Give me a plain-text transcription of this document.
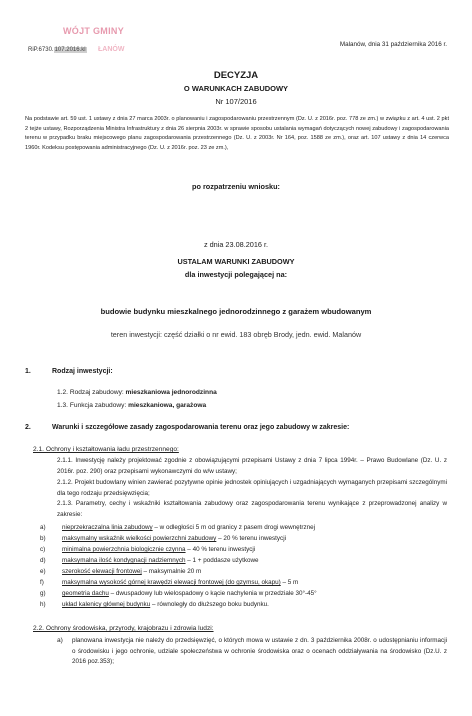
WÓJT GMINY
ŁANÓW
RiP.6730.107.2016.kl
Malanów, dnia 31 października 2016 r.
DECYZJA
O WARUNKACH ZABUDOWY
Nr 107/2016
Na podstawie art. 59 ust. 1 ustawy z dnia 27 marca 2003r. o planowaniu i zagospodarowaniu przestrzennym (Dz. U. z 2016r. poz. 778 ze zm.) w związku z art. 4 ust. 2 pkt 2 tejże ustawy, Rozporządzenia Ministra Infrastruktury z dnia 26 sierpnia 2003r. w sprawie sposobu ustalania wymagań dotyczących nowej zabudowy i zagospodarowania terenu w przypadku braku miejscowego planu zagospodarowania przestrzennego (Dz. U. z 2003r. Nr 164, poz. 1588 ze zm.), oraz art. 107 ustawy z dnia 14 czerwca 1960r. Kodeksu postępowania administracyjnego (Dz. U. z 2016r. poz. 23 ze zm.),
po rozpatrzeniu wniosku:
z dnia 23.08.2016 r.
USTALAM WARUNKI ZABUDOWY
dla inwestycji polegającej na:
budowie budynku mieszkalnego jednorodzinnego z garażem wbudowanym
teren inwestycji: część działki o nr ewid. 183 obręb Brody, jedn. ewid. Malanów
1.	Rodzaj inwestycji:
1.2. Rodzaj zabudowy: mieszkaniowa jednorodzinna
1.3. Funkcja zabudowy: mieszkaniowa, garażowa
2.	Warunki i szczegółowe zasady zagospodarowania terenu oraz jego zabudowy w zakresie:
2.1. Ochrony i kształtowania ładu przestrzennego:
2.1.1. Inwestycję należy projektować zgodnie z obowiązującymi przepisami Ustawy z dnia 7 lipca 1994r. – Prawo Budowlane (Dz. U. z 2016r. poz. 290) oraz przepisami wykonawczymi do w/w ustawy;
2.1.2. Projekt budowlany winien zawierać pozytywne opinie jednostek opiniujących i uzgadniających wymaganych przepisami szczególnymi dla tego rodzaju przedsięwzięcia;
2.1.3. Parametry, cechy i wskaźniki kształtowania zabudowy oraz zagospodarowania terenu wynikające z przeprowadzonej analizy w zakresie:
a)	nieprzekraczalna linia zabudowy – w odległości 5 m od granicy z pasem drogi wewnętrznej
b)	maksymalny wskaźnik wielkości powierzchni zabudowy – 20 % terenu inwestycji
c)	minimalna powierzchnia biologicznie czynna – 40 % terenu inwestycji
d)	maksymalna ilość kondygnacji nadziemnych – 1 + poddasze użytkowe
e)	szerokość elewacji frontowej – maksymalnie 20 m
f)	maksymalna wysokość górnej krawędzi elewacji frontowej (do gzymsu, okapu) – 5 m
g)	geometria dachu – dwuspadowy lub wielospadowy o kącie nachylenia w przedziale 30°-45°
h)	układ kalenicy głównej budynku – równoległy do dłuższego boku budynku.
2.2. Ochrony środowiska, przyrody, krajobrazu i zdrowia ludzi:
a) planowana inwestycja nie należy do przedsięwzięć, o których mowa w ustawie z dn. 3 października 2008r. o udostępnianiu informacji o środowisku i jego ochronie, udziale społeczeństwa w ochronie środowiska oraz o ocenach oddziaływania na środowisko (Dz.U. z 2016 poz.353);
